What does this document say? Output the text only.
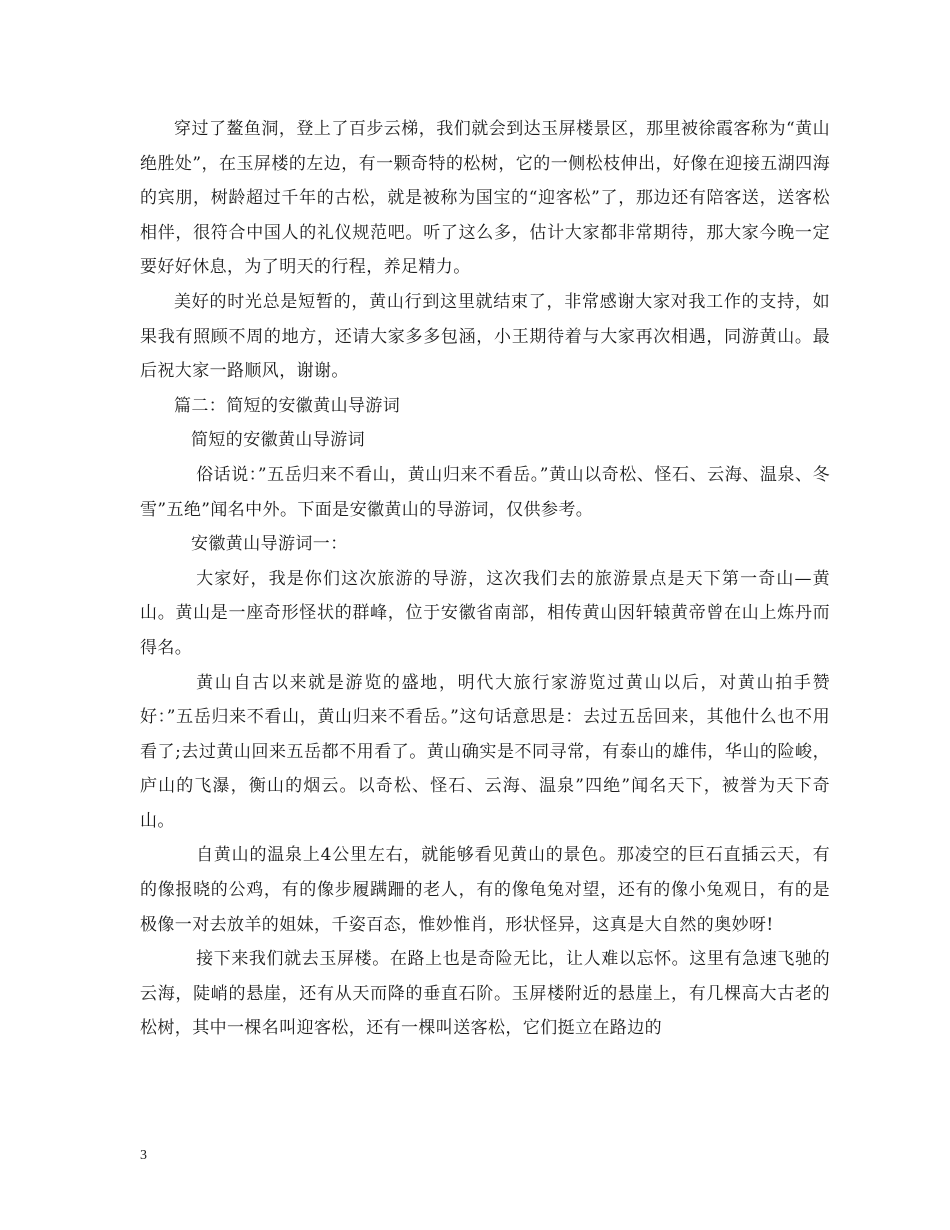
穿过了鳌鱼洞，登上了百步云梯，我们就会到达玉屏楼景区，那里被徐霞客称为“黄山绝胜处”，在玉屏楼的左边，有一颗奇特的松树，它的一侧松枝伸出，好像在迎接五湖四海的宾朋，树龄超过千年的古松，就是被称为国宝的“迎客松”了，那边还有陪客送，送客松相伴，很符合中国人的礼仪规范吧。听了这么多，估计大家都非常期待，那大家今晚一定要好好休息，为了明天的行程，养足精力。

美好的时光总是短暂的，黄山行到这里就结束了，非常感谢大家对我工作的支持，如果我有照顾不周的地方，还请大家多多包涵，小王期待着与大家再次相遇，同游黄山。最后祝大家一路顺风，谢谢。

篇二：简短的安徽黄山导游词

简短的安徽黄山导游词

俗话说：”五岳归来不看山，黄山归来不看岳。”黄山以奇松、怪石、云海、温泉、冬雪”五绝”闻名中外。下面是安徽黄山的导游词，仅供参考。

安徽黄山导游词一：

大家好，我是你们这次旅游的导游，这次我们去的旅游景点是天下第一奇山—黄山。黄山是一座奇形怪状的群峰，位于安徽省南部，相传黄山因轩辕黄帝曾在山上炼丹而得名。

黄山自古以来就是游览的盛地，明代大旅行家游览过黄山以后，对黄山拍手赞好：”五岳归来不看山，黄山归来不看岳。”这句话意思是：去过五岳回来，其他什么也不用看了;去过黄山回来五岳都不用看了。黄山确实是不同寻常，有泰山的雄伟，华山的险峻，庐山的飞瀑，衡山的烟云。以奇松、怪石、云海、温泉”四绝”闻名天下，被誉为天下奇山。

自黄山的温泉上4公里左右，就能够看见黄山的景色。那凌空的巨石直插云天，有的像报晓的公鸡，有的像步履蹒跚的老人，有的像龟兔对望，还有的像小兔观日，有的是极像一对去放羊的姐妹，千姿百态，惟妙惟肖，形状怪异，这真是大自然的奥妙呀!

接下来我们就去玉屏楼。在路上也是奇险无比，让人难以忘怀。这里有急速飞驰的云海，陡峭的悬崖，还有从天而降的垂直石阶。玉屏楼附近的悬崖上，有几棵高大古老的松树，其中一棵名叫迎客松，还有一棵叫送客松，它们挺立在路边的

3
